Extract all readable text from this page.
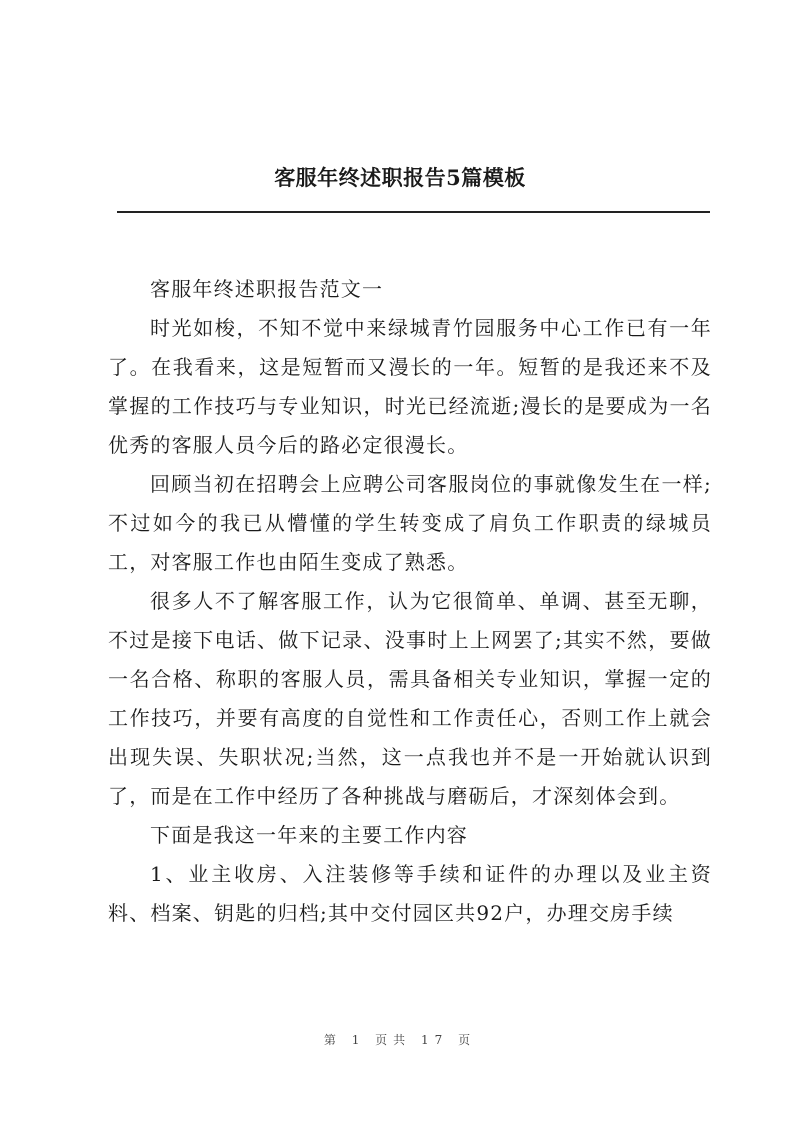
客服年终述职报告5篇模板

客服年终述职报告范文一

时光如梭，不知不觉中来绿城青竹园服务中心工作已有一年了。在我看来，这是短暂而又漫长的一年。短暂的是我还来不及掌握的工作技巧与专业知识，时光已经流逝;漫长的是要成为一名优秀的客服人员今后的路必定很漫长。

回顾当初在招聘会上应聘公司客服岗位的事就像发生在一样;不过如今的我已从懵懂的学生转变成了肩负工作职责的绿城员工，对客服工作也由陌生变成了熟悉。

很多人不了解客服工作，认为它很简单、单调、甚至无聊，不过是接下电话、做下记录、没事时上上网罢了;其实不然，要做一名合格、称职的客服人员，需具备相关专业知识，掌握一定的工作技巧，并要有高度的自觉性和工作责任心，否则工作上就会出现失误、失职状况;当然，这一点我也并不是一开始就认识到了，而是在工作中经历了各种挑战与磨砺后，才深刻体会到。

下面是我这一年来的主要工作内容

1、业主收房、入注装修等手续和证件的办理以及业主资料、档案、钥匙的归档;其中交付园区共92户，办理交房手续

第 1 页共 17 页
